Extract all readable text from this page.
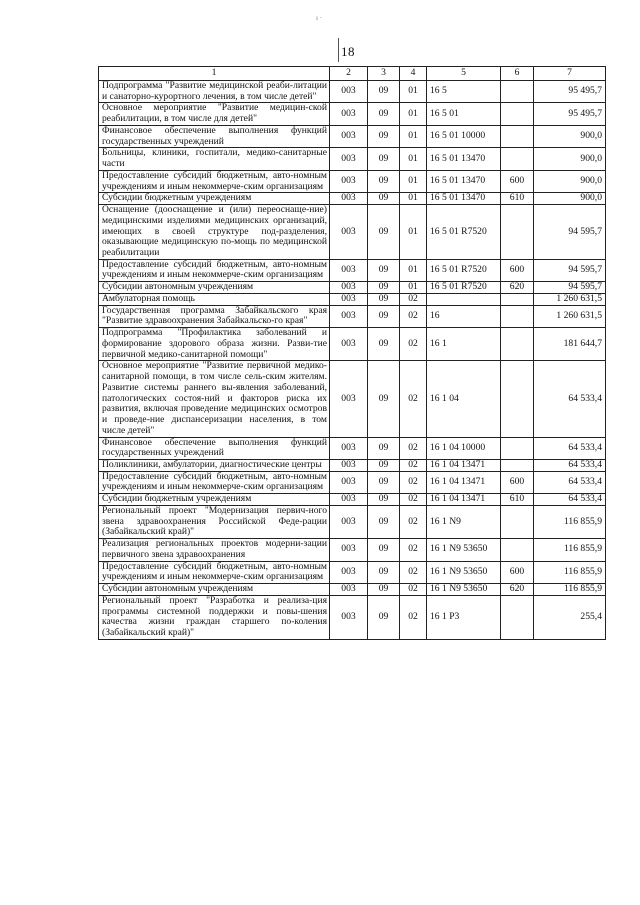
ı ·
18
1	2	3	4	5	6	7
Подпрограмма "Развитие медицинской реаби-литации и санаторно-курортного лечения, в том числе детей"	003	09	01	16 5		95 495,7
Основное мероприятие "Развитие медицин-ской реабилитации, в том числе для детей"	003	09	01	16 5 01		95 495,7
Финансовое обеспечение выполнения функций государственных учреждений	003	09	01	16 5 01 10000		900,0
Больницы, клиники, госпитали, медико-санитарные части	003	09	01	16 5 01 13470		900,0
Предоставление субсидий бюджетным, авто-номным учреждениям и иным некоммерче-ским организациям	003	09	01	16 5 01 13470	600	900,0
Субсидии бюджетным учреждениям	003	09	01	16 5 01 13470	610	900,0
Оснащение (дооснащение и (или) переоснаще-ние) медицинскими изделиями медицинских организаций, имеющих в своей структуре под-разделения, оказывающие медицинскую по-мощь по медицинской реабилитации	003	09	01	16 5 01 R7520		94 595,7
Предоставление субсидий бюджетным, авто-номным учреждениям и иным некоммерче-ским организациям	003	09	01	16 5 01 R7520	600	94 595,7
Субсидии автономным учреждениям	003	09	01	16 5 01 R7520	620	94 595,7
Амбулаторная помощь	003	09	02			1 260 631,5
Государственная программа Забайкальского края "Развитие здравоохранения Забайкальско-го края"	003	09	02	16		1 260 631,5
Подпрограмма "Профилактика заболеваний и формирование здорового образа жизни. Разви-тие первичной медико-санитарной помощи"	003	09	02	16 1		181 644,7
Основное мероприятие "Развитие первичной медико-санитарной помощи, в том числе сель-ским жителям. Развитие системы раннего вы-явления заболеваний, патологических состоя-ний и факторов риска их развития, включая проведение медицинских осмотров и проведе-ние диспансеризации населения, в том числе детей"	003	09	02	16 1 04		64 533,4
Финансовое обеспечение выполнения функций государственных учреждений	003	09	02	16 1 04 10000		64 533,4
Поликлиники, амбулатории, диагностические центры	003	09	02	16 1 04 13471		64 533,4
Предоставление субсидий бюджетным, авто-номным учреждениям и иным некоммерче-ским организациям	003	09	02	16 1 04 13471	600	64 533,4
Субсидии бюджетным учреждениям	003	09	02	16 1 04 13471	610	64 533,4
Региональный проект "Модернизация первич-ного звена здравоохранения Российской Феде-рации (Забайкальский край)"	003	09	02	16 1 N9		116 855,9
Реализация региональных проектов модерни-зации первичного звена здравоохранения	003	09	02	16 1 N9 53650		116 855,9
Предоставление субсидий бюджетным, авто-номным учреждениям и иным некоммерче-ским организациям	003	09	02	16 1 N9 53650	600	116 855,9
Субсидии автономным учреждениям	003	09	02	16 1 N9 53650	620	116 855,9
Региональный проект "Разработка и реализа-ция программы системной поддержки и повы-шения качества жизни граждан старшего по-коления (Забайкальский край)"	003	09	02	16 1 P3		255,4
